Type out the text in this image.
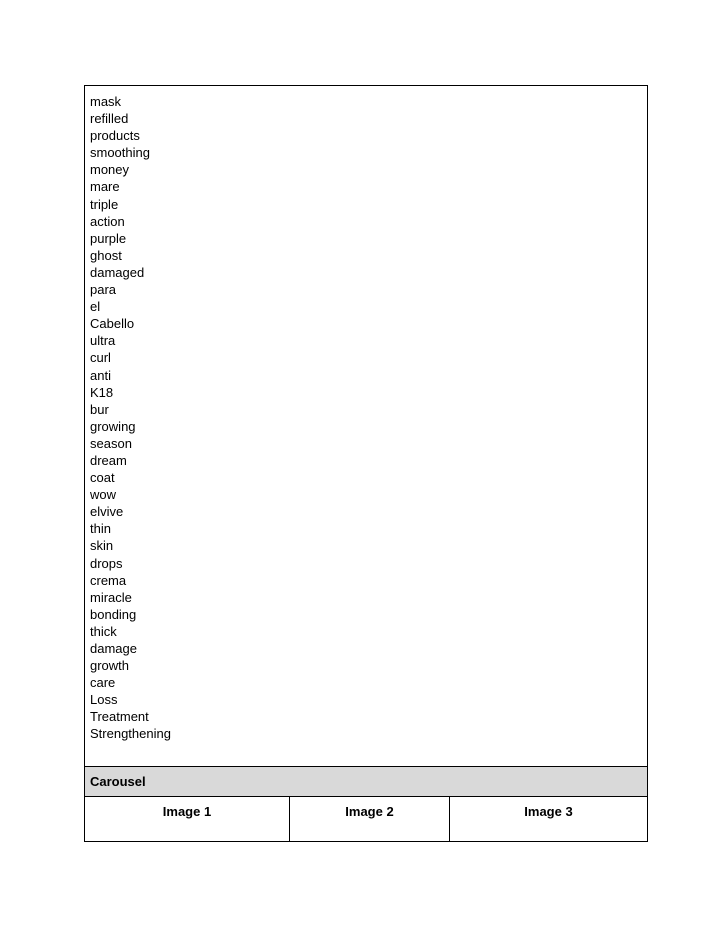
mask
refilled
products
smoothing
money
mare
triple
action
purple
ghost
damaged
para
el
Cabello
ultra
curl
anti
K18
bur
growing
season
dream
coat
wow
elvive
thin
skin
drops
crema
miracle
bonding
thick
damage
growth
care
Loss
Treatment
Strengthening
Carousel
Image 1	Image 2	Image 3
